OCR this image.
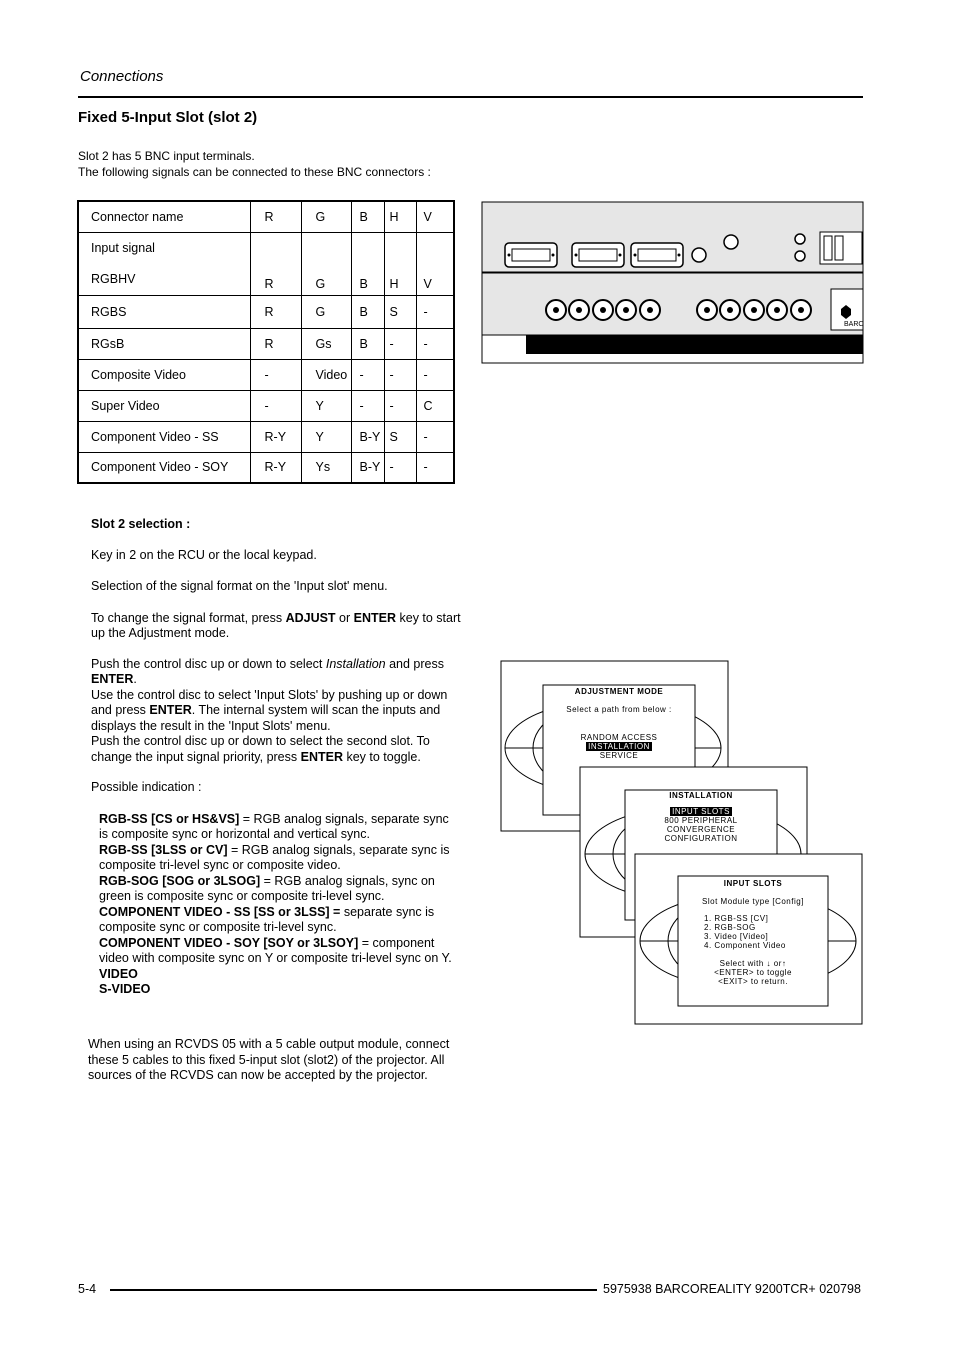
Connections
Fixed 5-Input Slot (slot 2)
Slot 2 has 5 BNC input terminals.
The following signals can be connected to these BNC connectors :
Connector name	R	G	B	H	V

Input signal
RGBHV	R	G	B	H	V
RGBS	R	G	B	S	-
RGsB	R	Gs	B	-	-
Composite Video	-	Video	-	-	-
Super Video	-	Y	-	-	C
Component Video - SS	R-Y	Y	B-Y	S	-
Component Video - SOY	R-Y	Ys	B-Y	-	-
BARC

Slot 2 selection :

Key in 2 on the RCU or the local keypad.

Selection of the signal format on the 'Input slot' menu.

To change the signal format, press ADJUST or ENTER key to start up the Adjustment mode.

Push the control disc up or down to select Installation and press ENTER.

Use the control disc to select 'Input Slots' by pushing up or down and press ENTER. The internal system will scan the inputs and displays the result in the 'Input Slots' menu.

Push the control disc up or down to select the second slot. To change the input signal priority, press ENTER key to toggle.

Possible indication :

RGB-SS [CS or HS&VS] = RGB analog signals, separate sync is composite sync or horizontal and vertical sync.

RGB-SS [3LSS or CV] = RGB analog signals, separate sync is composite tri-level sync or composite video.

RGB-SOG [SOG or 3LSOG] = RGB analog signals, sync on green is composite sync or composite tri-level sync.

COMPONENT VIDEO - SS [SS or 3LSS] = separate sync is composite sync or composite tri-level sync.

COMPONENT VIDEO - SOY [SOY or 3LSOY] = component video with composite sync on Y or composite tri-level sync on Y.

VIDEO

S-VIDEO

When using an RCVDS 05 with a 5 cable output module, connect these 5 cables to this fixed 5-input slot (slot2) of the projector. All sources of the RCVDS can now be accepted by the projector.
ADJUSTMENT MODE
Select a path from below :
RANDOM ACCESS
INSTALLATION
SERVICE
INSTALLATION
INPUT SLOTS
800 PERIPHERAL
CONVERGENCE
CONFIGURATION
INPUT SLOTS
Slot Module type [Config]
1. RGB-SS [CV]
2. RGB-SOG
3. Video [Video]
4. Component Video
Select with ↓ or↑
<ENTER> to toggle
<EXIT> to return.
5-4	5975938 BARCOREALITY 9200TCR+ 020798
